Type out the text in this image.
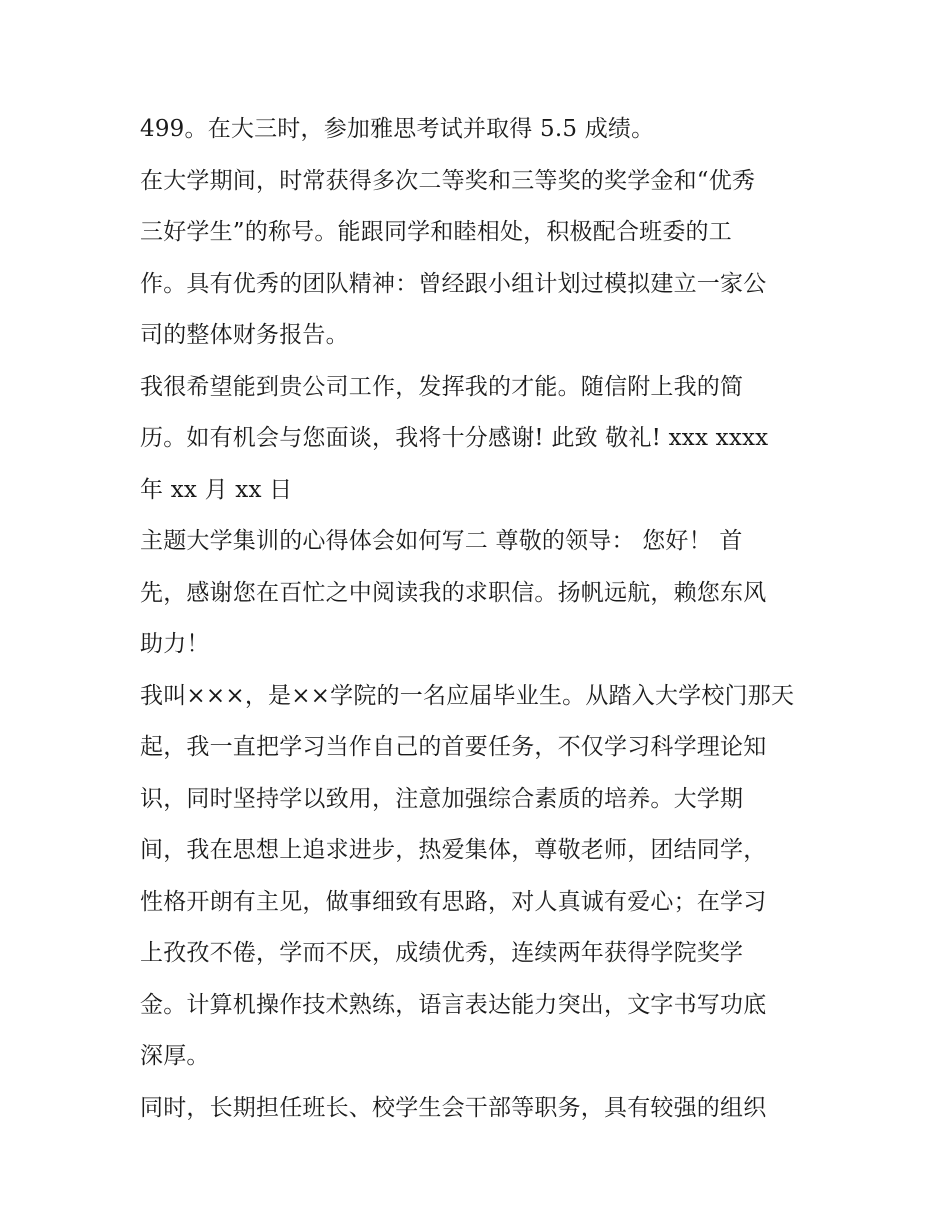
499。在大三时，参加雅思考试并取得 5.5 成绩。
在大学期间，时常获得多次二等奖和三等奖的奖学金和“优秀
三好学生”的称号。能跟同学和睦相处，积极配合班委的工
作。具有优秀的团队精神：曾经跟小组计划过模拟建立一家公
司的整体财务报告。
我很希望能到贵公司工作，发挥我的才能。随信附上我的简
历。如有机会与您面谈，我将十分感谢! 此致 敬礼! xxx xxxx
年 xx 月 xx 日
主题大学集训的心得体会如何写二 尊敬的领导： 您好！ 首
先，感谢您在百忙之中阅读我的求职信。扬帆远航，赖您东风
助力！
我叫×××，是××学院的一名应届毕业生。从踏入大学校门那天
起，我一直把学习当作自己的首要任务，不仅学习科学理论知
识，同时坚持学以致用，注意加强综合素质的培养。大学期
间，我在思想上追求进步，热爱集体，尊敬老师，团结同学，
性格开朗有主见，做事细致有思路，对人真诚有爱心；在学习
上孜孜不倦，学而不厌，成绩优秀，连续两年获得学院奖学
金。计算机操作技术熟练，语言表达能力突出，文字书写功底
深厚。
同时，长期担任班长、校学生会干部等职务，具有较强的组织
